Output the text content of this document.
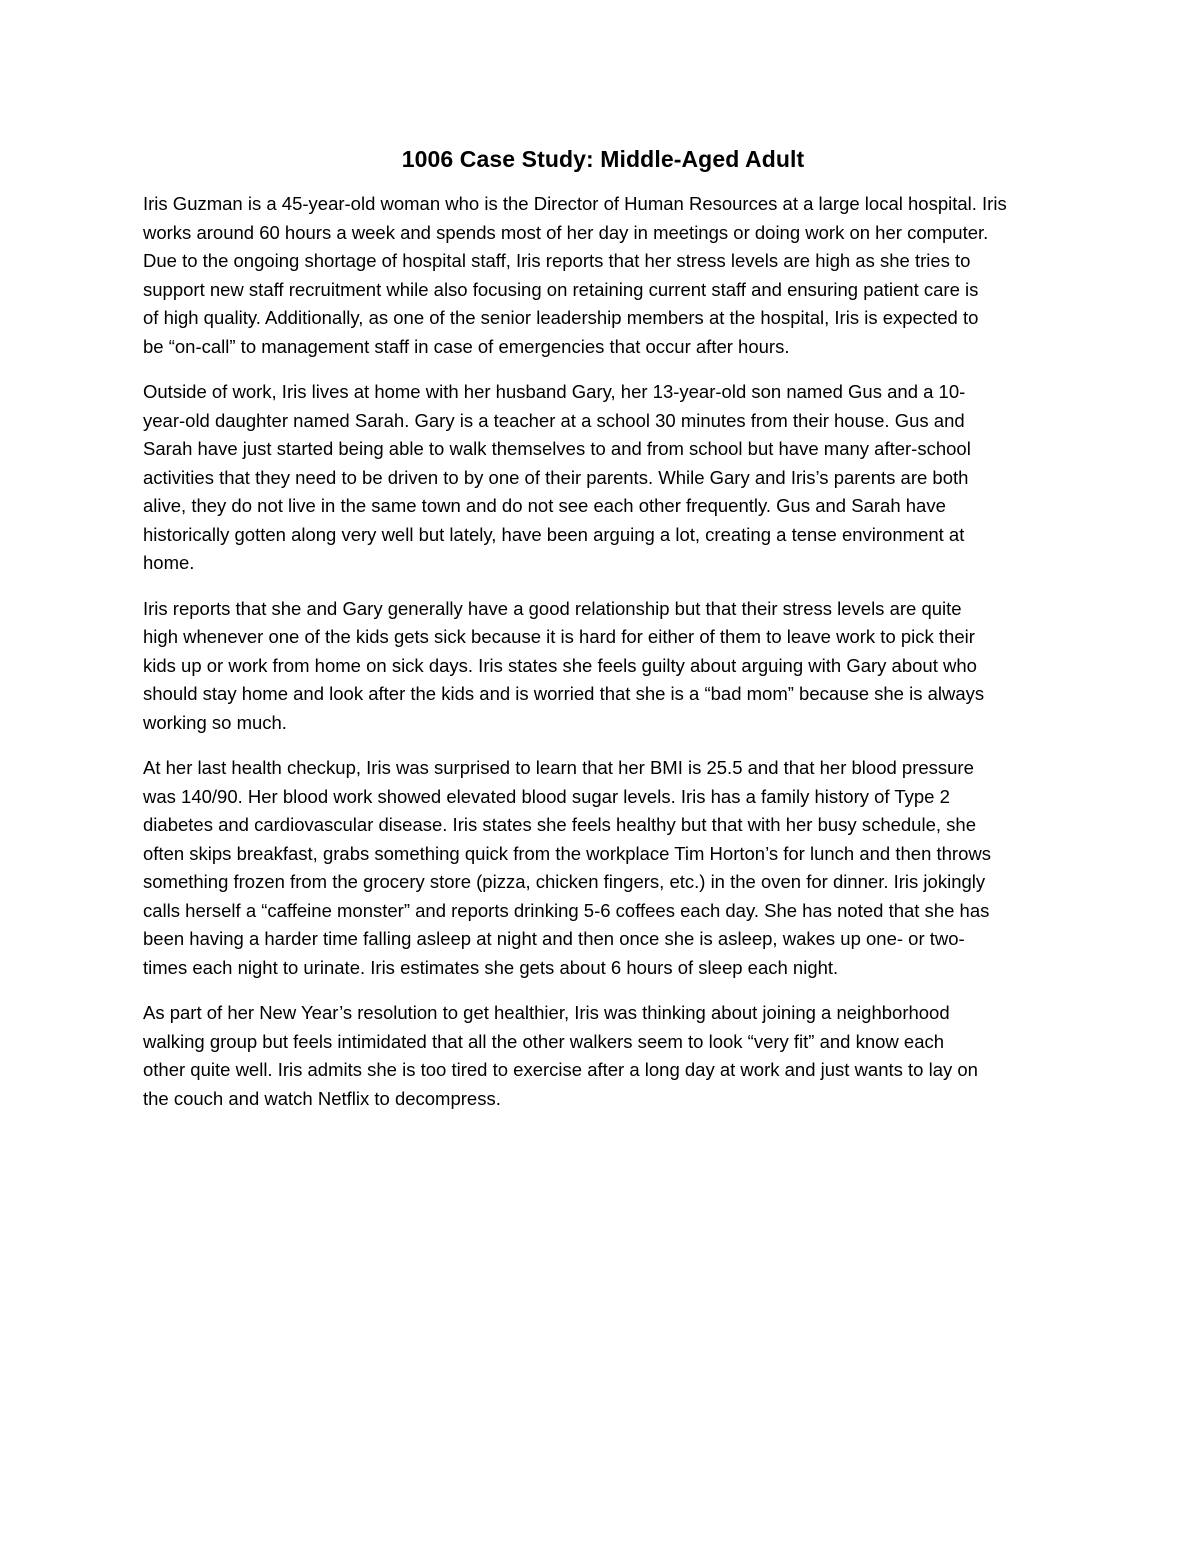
1006 Case Study: Middle-Aged Adult

Iris Guzman is a 45-year-old woman who is the Director of Human Resources at a large local hospital. Iris
works around 60 hours a week and spends most of her day in meetings or doing work on her computer.
Due to the ongoing shortage of hospital staff, Iris reports that her stress levels are high as she tries to
support new staff recruitment while also focusing on retaining current staff and ensuring patient care is
of high quality. Additionally, as one of the senior leadership members at the hospital, Iris is expected to
be “on-call” to management staff in case of emergencies that occur after hours.

Outside of work, Iris lives at home with her husband Gary, her 13-year-old son named Gus and a 10-
year-old daughter named Sarah. Gary is a teacher at a school 30 minutes from their house. Gus and
Sarah have just started being able to walk themselves to and from school but have many after-school
activities that they need to be driven to by one of their parents. While Gary and Iris’s parents are both
alive, they do not live in the same town and do not see each other frequently. Gus and Sarah have
historically gotten along very well but lately, have been arguing a lot, creating a tense environment at
home.

Iris reports that she and Gary generally have a good relationship but that their stress levels are quite
high whenever one of the kids gets sick because it is hard for either of them to leave work to pick their
kids up or work from home on sick days. Iris states she feels guilty about arguing with Gary about who
should stay home and look after the kids and is worried that she is a “bad mom” because she is always
working so much.

At her last health checkup, Iris was surprised to learn that her BMI is 25.5 and that her blood pressure
was 140/90. Her blood work showed elevated blood sugar levels. Iris has a family history of Type 2
diabetes and cardiovascular disease. Iris states she feels healthy but that with her busy schedule, she
often skips breakfast, grabs something quick from the workplace Tim Horton’s for lunch and then throws
something frozen from the grocery store (pizza, chicken fingers, etc.) in the oven for dinner. Iris jokingly
calls herself a “caffeine monster” and reports drinking 5-6 coffees each day. She has noted that she has
been having a harder time falling asleep at night and then once she is asleep, wakes up one- or two-
times each night to urinate. Iris estimates she gets about 6 hours of sleep each night.

As part of her New Year’s resolution to get healthier, Iris was thinking about joining a neighborhood
walking group but feels intimidated that all the other walkers seem to look “very fit” and know each
other quite well. Iris admits she is too tired to exercise after a long day at work and just wants to lay on
the couch and watch Netflix to decompress.
